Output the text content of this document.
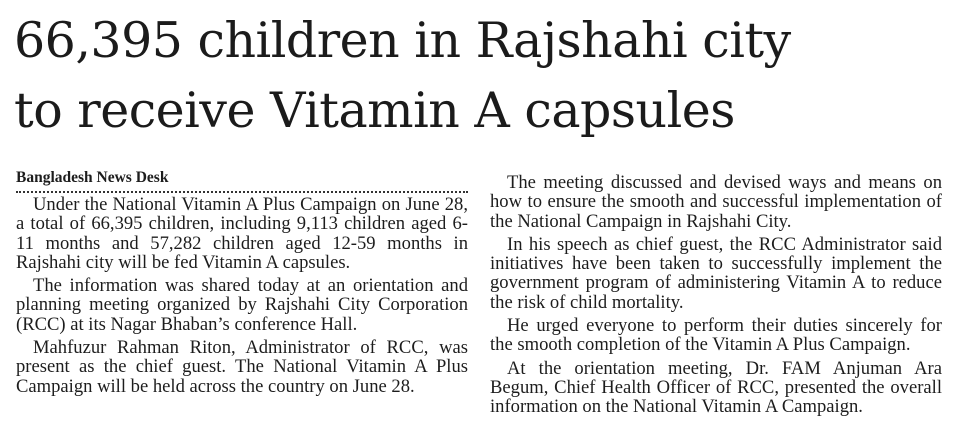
66,395 children in Rajshahi city
to receive Vitamin A capsules
Bangladesh News Desk

Under the National Vitamin A Plus Campaign on June 28, a total of 66,395 children, including 9,113 children aged 6-11 months and 57,282 children aged 12-59 months in Rajshahi city will be fed Vitamin A capsules.

The information was shared today at an orientation and planning meeting organized by Rajshahi City Corporation (RCC) at its Nagar Bhaban’s conference Hall.

Mahfuzur Rahman Riton, Administrator of RCC, was present as the chief guest. The National Vitamin A Plus Campaign will be held across the country on June 28.

The meeting discussed and devised ways and means on how to ensure the smooth and successful implementation of the National Campaign in Rajshahi City.

In his speech as chief guest, the RCC Administrator said initiatives have been taken to successfully implement the government program of administering Vitamin A to reduce the risk of child mortality.

He urged everyone to perform their duties sincerely for the smooth completion of the Vitamin A Plus Campaign.

At the orientation meeting, Dr. FAM Anjuman Ara Begum, Chief Health Officer of RCC, presented the overall information on the National Vitamin A Campaign.
